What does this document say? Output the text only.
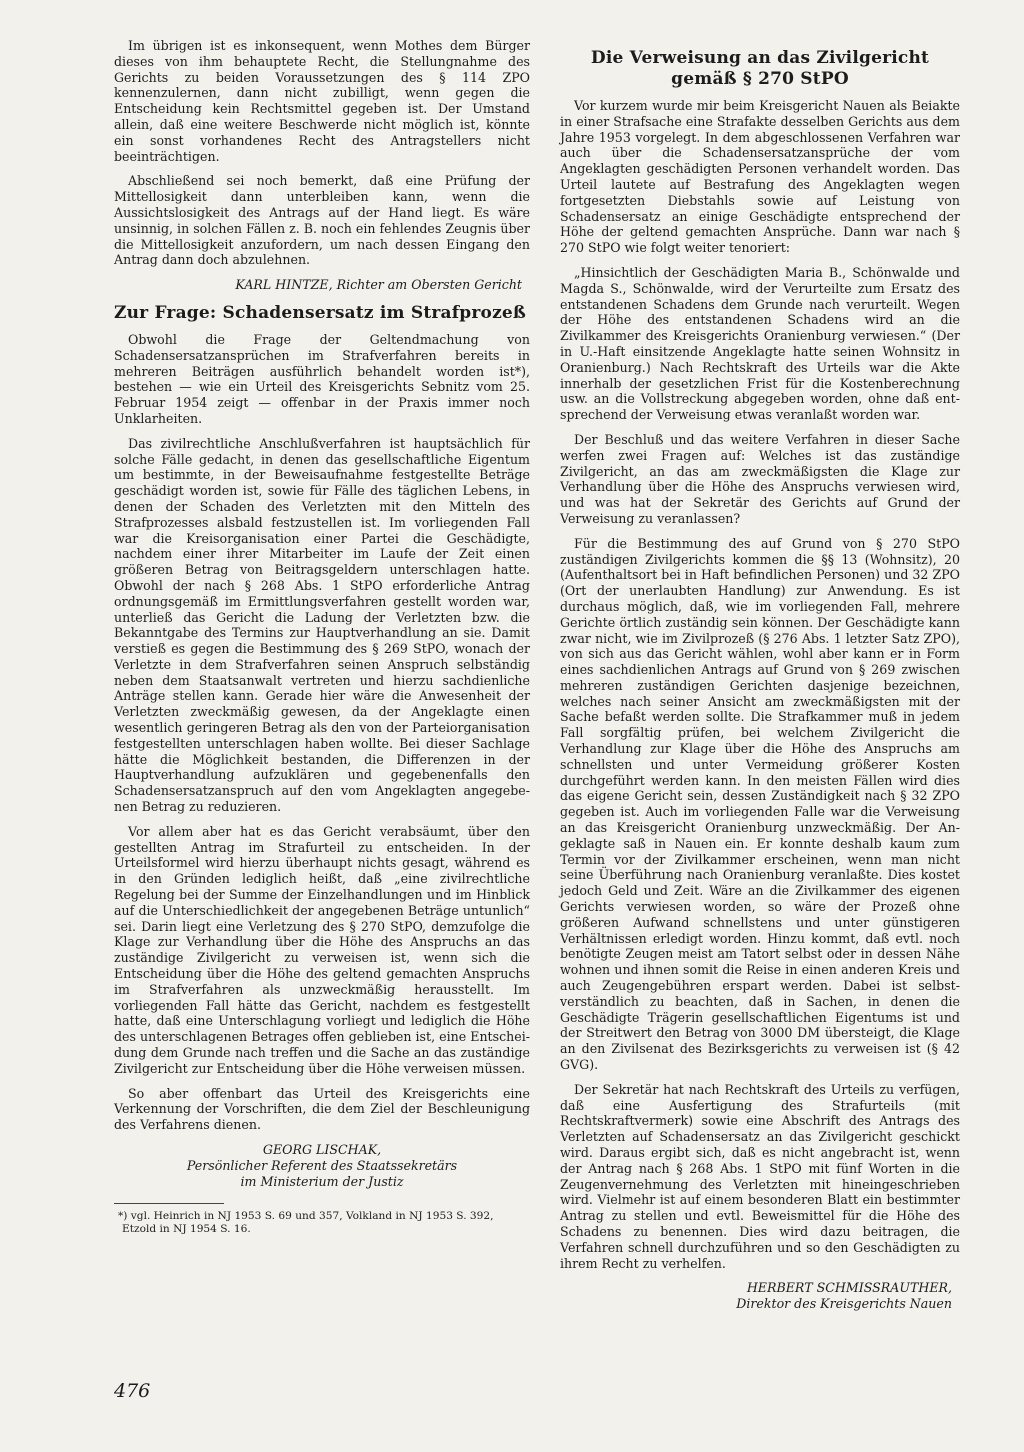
Im übrigen ist es inkonsequent, wenn Mothes dem Bürger dieses von ihm behauptete Recht, die Stellungnahme des Gerichts zu beiden Voraussetzungen des § 114 ZPO kennenzulernen, dann nicht zubilligt, wenn gegen die Entscheidung kein Rechtsmittel gegeben ist. Der Umstand allein, daß eine weitere Beschwerde nicht möglich ist, könnte ein sonst vorhandenes Recht des Antragstellers nicht beeinträchtigen.

Abschließend sei noch bemerkt, daß eine Prüfung der Mittellosigkeit dann unterbleiben kann, wenn die Aussichtslosigkeit des Antrags auf der Hand liegt. Es wäre unsinnig, in solchen Fällen z. B. noch ein fehlendes Zeugnis über die Mittellosigkeit anzufordern, um nach dessen Eingang den Antrag dann doch abzulehnen.

KARL HINTZE, Richter am Obersten Gericht
Zur Frage: Schadensersatz im Strafprozeß

Obwohl die Frage der Geltendmachung von Schadensersatzansprüchen im Strafverfahren bereits in mehreren Beiträgen ausführlich behandelt worden ist*), bestehen — wie ein Urteil des Kreisgerichts Sebnitz vom 25. Februar 1954 zeigt — offenbar in der Praxis immer noch Unklarheiten.

Das zivilrechtliche Anschlußverfahren ist hauptsächlich für solche Fälle gedacht, in denen das gesellschaftliche Eigentum um bestimmte, in der Beweisaufnahme festgestellte Beträge geschädigt worden ist, sowie für Fälle des täglichen Lebens, in denen der Schaden des Verletzten mit den Mitteln des Strafprozesses alsbald festzustellen ist. Im vorliegenden Fall war die Kreisorganisation einer Partei die Geschädigte, nachdem einer ihrer Mitarbeiter im Laufe der Zeit einen größeren Betrag von Beitragsgeldern unterschlagen hatte. Obwohl der nach § 268 Abs. 1 StPO erforderliche Antrag ordnungsgemäß im Ermittlungsverfahren gestellt worden war, unterließ das Gericht die Ladung der Verletzten bzw. die Bekanntgabe des Termins zur Hauptverhandlung an sie. Damit verstieß es gegen die Bestimmung des § 269 StPO, wonach der Verletzte in dem Strafverfahren seinen Anspruch selbständig neben dem Staatsanwalt vertreten und hierzu sachdienliche Anträge stellen kann. Gerade hier wäre die Anwesenheit der Verletzten zweckmäßig gewesen, da der Angeklagte einen wesentlich geringeren Betrag als den von der Parteiorganisation festgestellten unterschlagen haben wollte. Bei dieser Sachlage hätte die Möglichkeit bestanden, die Differenzen in der Hauptverhandlung aufzuklären und gegebenenfalls den Schadensersatzanspruch auf den vom Angeklagten angegebenen Betrag zu reduzieren.

Vor allem aber hat es das Gericht verabsäumt, über den gestellten Antrag im Strafurteil zu entscheiden. In der Urteilsformel wird hierzu überhaupt nichts gesagt, während es in den Gründen lediglich heißt, daß „eine zivilrechtliche Regelung bei der Summe der Einzelhandlungen und im Hinblick auf die Unterschiedlichkeit der angegebenen Beträge untunlich“ sei. Darin liegt eine Verletzung des § 270 StPO, demzufolge die Klage zur Verhandlung über die Höhe des Anspruchs an das zuständige Zivilgericht zu verweisen ist, wenn sich die Entscheidung über die Höhe des geltend gemachten Anspruchs im Strafverfahren als unzweckmäßig herausstellt. Im vorliegenden Fall hätte das Gericht, nachdem es festgestellt hatte, daß eine Unterschlagung vorliegt und lediglich die Höhe des unterschlagenen Betrages offen geblieben ist, eine Entscheidung dem Grunde nach treffen und die Sache an das zuständige Zivilgericht zur Entscheidung über die Höhe verweisen müssen.

So aber offenbart das Urteil des Kreisgerichts eine Verkennung der Vorschriften, die dem Ziel der Beschleunigung des Verfahrens dienen.

GEORG LISCHAK,
Persönlicher Referent des Staatssekretärs
im Ministerium der Justiz

*) vgl. Heinrich in NJ 1953 S. 69 und 357, Volkland in NJ 1953 S. 392, Etzold in NJ 1954 S. 16.

Die Verweisung an das Zivilgericht
gemäß § 270 StPO

Vor kurzem wurde mir beim Kreisgericht Nauen als Beiakte in einer Strafsache eine Strafakte desselben Gerichts aus dem Jahre 1953 vorgelegt. In dem abgeschlossenen Verfahren war auch über die Schadensersatzansprüche der vom Angeklagten geschädigten Personen verhandelt worden. Das Urteil lautete auf Bestrafung des Angeklagten wegen fortgesetzten Diebstahls sowie auf Leistung von Schadensersatz an einige Geschädigte entsprechend der Höhe der geltend gemachten Ansprüche. Dann war nach § 270 StPO wie folgt weiter tenoriert:

„Hinsichtlich der Geschädigten Maria B., Schönwalde und Magda S., Schönwalde, wird der Verurteilte zum Ersatz des entstandenen Schadens dem Grunde nach verurteilt. Wegen der Höhe des entstandenen Schadens wird an die Zivilkammer des Kreisgerichts Oranienburg verwiesen.“ (Der in U.-Haft einsitzende Angeklagte hatte seinen Wohnsitz in Oranienburg.) Nach Rechtskraft des Urteils war die Akte innerhalb der gesetzlichen Frist für die Kostenberechnung usw. an die Vollstreckung abgegeben worden, ohne daß entsprechend der Verweisung etwas veranlaßt worden war.

Der Beschluß und das weitere Verfahren in dieser Sache werfen zwei Fragen auf: Welches ist das zuständige Zivilgericht, an das am zweckmäßigsten die Klage zur Verhandlung über die Höhe des Anspruchs verwiesen wird, und was hat der Sekretär des Gerichts auf Grund der Verweisung zu veranlassen?

Für die Bestimmung des auf Grund von § 270 StPO zuständigen Zivilgerichts kommen die §§ 13 (Wohnsitz), 20 (Aufenthaltsort bei in Haft befindlichen Personen) und 32 ZPO (Ort der unerlaubten Handlung) zur Anwendung. Es ist durchaus möglich, daß, wie im vorliegenden Fall, mehrere Gerichte örtlich zuständig sein können. Der Geschädigte kann zwar nicht, wie im Zivilprozeß (§ 276 Abs. 1 letzter Satz ZPO), von sich aus das Gericht wählen, wohl aber kann er in Form eines sachdienlichen Antrags auf Grund von § 269 zwischen mehreren zuständigen Gerichten dasjenige bezeichnen, welches nach seiner Ansicht am zweckmäßigsten mit der Sache befaßt werden sollte. Die Strafkammer muß in jedem Fall sorgfältig prüfen, bei welchem Zivilgericht die Verhandlung zur Klage über die Höhe des Anspruchs am schnellsten und unter Vermeidung größerer Kosten durchgeführt werden kann. In den meisten Fällen wird dies das eigene Gericht sein, dessen Zuständigkeit nach § 32 ZPO gegeben ist. Auch im vorliegenden Falle war die Verweisung an das Kreisgericht Oranienburg unzweckmäßig. Der Angeklagte saß in Nauen ein. Er konnte deshalb kaum zum Termin vor der Zivilkammer erscheinen, wenn man nicht seine Überführung nach Oranienburg veranlaßte. Dies kostet jedoch Geld und Zeit. Wäre an die Zivilkammer des eigenen Gerichts verwiesen worden, so wäre der Prozeß ohne größeren Aufwand schnellstens und unter günstigeren Verhältnissen erledigt worden. Hinzu kommt, daß evtl. noch benötigte Zeugen meist am Tatort selbst oder in dessen Nähe wohnen und ihnen somit die Reise in einen anderen Kreis und auch Zeugengebühren erspart werden. Dabei ist selbstverständlich zu beachten, daß in Sachen, in denen die Geschädigte Trägerin gesellschaftlichen Eigentums ist und der Streitwert den Betrag von 3000 DM übersteigt, die Klage an den Zivilsenat des Bezirksgerichts zu verweisen ist (§ 42 GVG).

Der Sekretär hat nach Rechtskraft des Urteils zu verfügen, daß eine Ausfertigung des Strafurteils (mit Rechtskraftvermerk) sowie eine Abschrift des Antrags des Verletzten auf Schadensersatz an das Zivilgericht geschickt wird. Daraus ergibt sich, daß es nicht angebracht ist, wenn der Antrag nach § 268 Abs. 1 StPO mit fünf Worten in die Zeugenvernehmung des Verletzten mit hineingeschrieben wird. Vielmehr ist auf einem besonderen Blatt ein bestimmter Antrag zu stellen und evtl. Beweismittel für die Höhe des Schadens zu benennen. Dies wird dazu beitragen, die Verfahren schnell durchzuführen und so den Geschädigten zu ihrem Recht zu verhelfen.

HERBERT SCHMISSRAUTHER,
Direktor des Kreisgerichts Nauen
476
